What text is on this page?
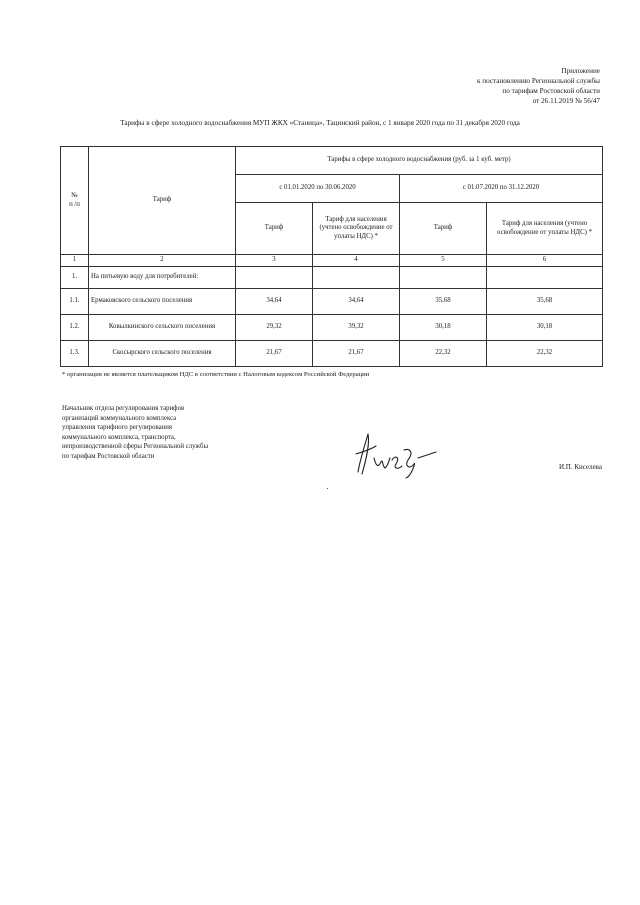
Приложение
к постановлению Региональной службы
по тарифам Ростовской области
от 26.11.2019 № 56/47
Тарифы в сфере холодного водоснабжения МУП ЖКХ «Станица», Тацинский район, с 1 января 2020 года по 31 декабря 2020 года
№
п /п	Тариф	Тарифы в сфере холодного водоснабжения (руб. за 1 куб. метр)			
		с 01.01.2020 по 30.06.2020		с 01.07.2020 по 31.12.2020	
		Тариф	Тариф для населения (учтено освобождение от уплаты НДС) *	Тариф	Тариф для населения (учтено освобождение от уплаты НДС) *
1	2	3	4	5	6
1.	На питьевую воду для потребителей:				
1.1.	Ермаковского сельского поселения	34,64	34,64	35,68	35,68
1.2.	Ковылкинского сельского поселения	29,32	39,32	30,18	30,18
1.3.	Скосырского сельского поселения	21,67	21,67	22,32	22,32
* организация не является плательщиком НДС в соответствии с Налоговым кодексом Российской Федерации
Начальник отдела регулирования тарифов
организаций коммунального комплекса
управления тарифного регулирования
коммунального комплекса, транспорта,
непроизводственной сферы Региональной службы
по тарифам Ростовской области
И.П. Киселева
